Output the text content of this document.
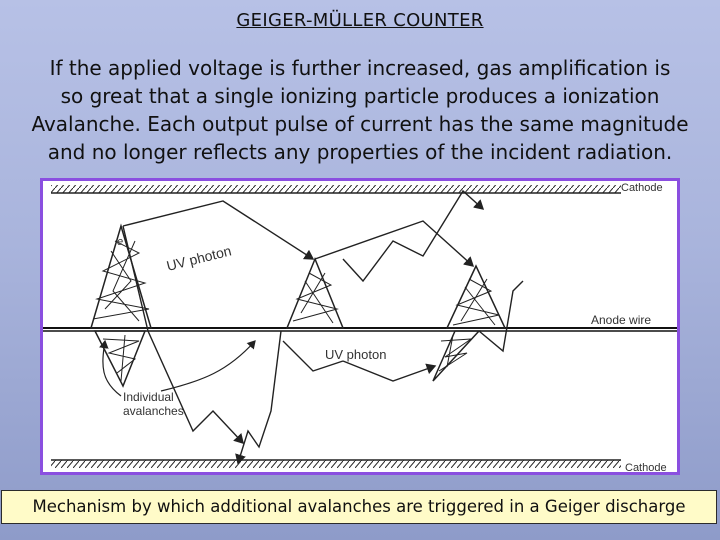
GEIGER-MÜLLER COUNTER
If the applied voltage is further increased, gas amplification is
so great that a single ionizing particle produces a ionization
Avalanche. Each output pulse of current has the same magnitude
and no longer reflects any properties of the incident radiation.
Cathode
Cathode
Anode wire
e
UV photon
UV photon
Individual
avalanches
Mechanism by which additional avalanches are triggered in a Geiger discharge
